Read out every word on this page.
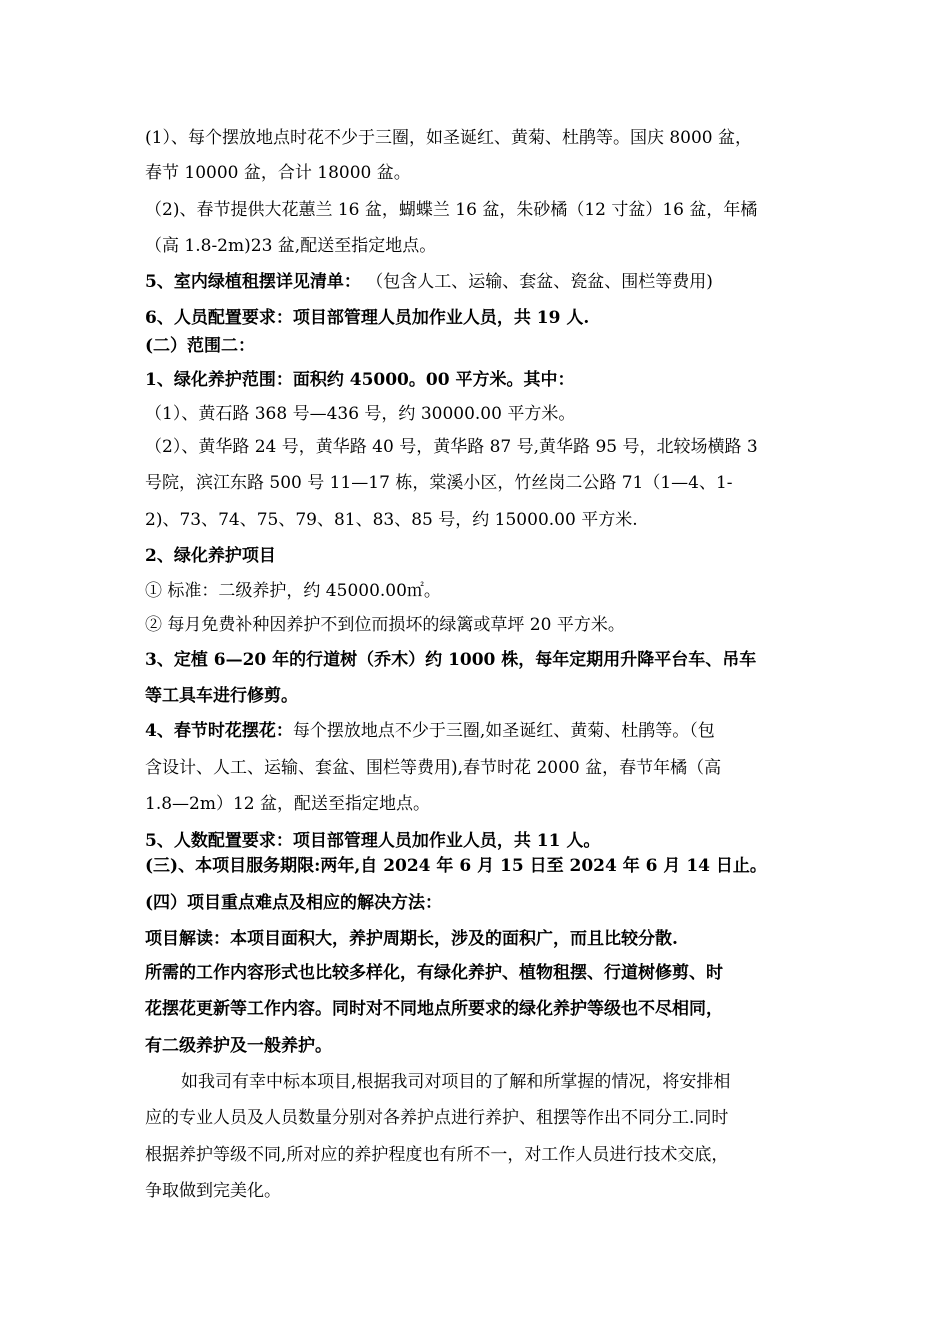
(1）、每个摆放地点时花不少于三圈，如圣诞红、黄菊、杜鹃等。国庆 8000 盆，
春节 10000 盆，合计 18000 盆。
（2)、春节提供大花蕙兰 16 盆，蝴蝶兰 16 盆，朱砂橘（12 寸盆）16 盆，年橘
（高 1.8-2m)23 盆,配送至指定地点。
5、室内绿植租摆详见清单： （包含人工、运输、套盆、瓷盆、围栏等费用)
6、人员配置要求：项目部管理人员加作业人员，共 19 人.
(二）范围二：
1、绿化养护范围：面积约 45000。00 平方米。其中：
（1）、黄石路 368 号—436 号，约 30000.00 平方米。
（2）、黄华路 24 号，黄华路 40 号，黄华路 87 号,黄华路 95 号，北较场横路 3
号院，滨江东路 500 号 11—17 栋，棠溪小区，竹丝岗二公路 71（1—4、1-
2)、73、74、75、79、81、83、85 号，约 15000.00 平方米.
2、绿化养护项目
① 标准：二级养护，约 45000.00㎡。
② 每月免费补种因养护不到位而损坏的绿篱或草坪 20 平方米。
3、定植 6—20 年的行道树（乔木）约 1000 株，每年定期用升降平台车、吊车
等工具车进行修剪。
4、春节时花摆花：每个摆放地点不少于三圈,如圣诞红、黄菊、杜鹃等。（包
含设计、人工、运输、套盆、围栏等费用),春节时花 2000 盆，春节年橘（高
1.8—2m）12 盆，配送至指定地点。
5、人数配置要求：项目部管理人员加作业人员，共 11 人。
(三)、本项目服务期限:两年,自 2024 年 6 月 15 日至 2024 年 6 月 14 日止。
(四）项目重点难点及相应的解决方法：
项目解读：本项目面积大，养护周期长，涉及的面积广，而且比较分散.
所需的工作内容形式也比较多样化，有绿化养护、植物租摆、行道树修剪、时
花摆花更新等工作内容。同时对不同地点所要求的绿化养护等级也不尽相同，
有二级养护及一般养护。
如我司有幸中标本项目,根据我司对项目的了解和所掌握的情况，将安排相
应的专业人员及人员数量分别对各养护点进行养护、租摆等作出不同分工.同时
根据养护等级不同,所对应的养护程度也有所不一，对工作人员进行技术交底，
争取做到完美化。
